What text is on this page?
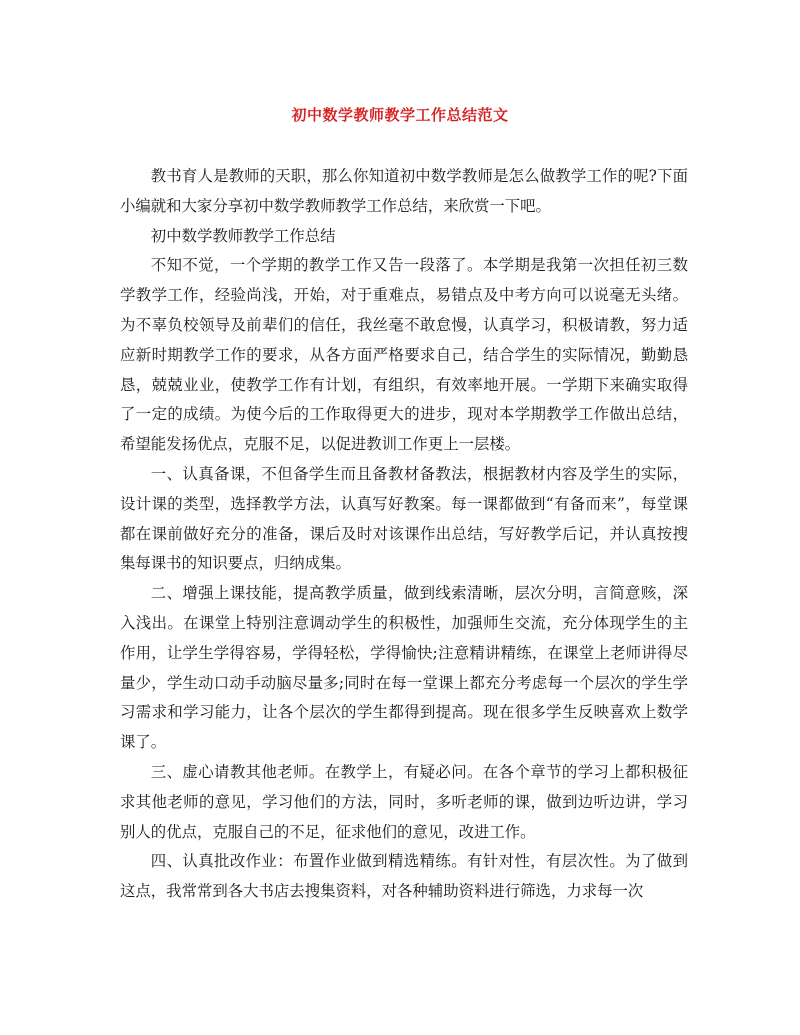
初中数学教师教学工作总结范文

教书育人是教师的天职，那么你知道初中数学教师是怎么做教学工作的呢?下面小编就和大家分享初中数学教师教学工作总结，来欣赏一下吧。

初中数学教师教学工作总结

不知不觉，一个学期的教学工作又告一段落了。本学期是我第一次担任初三数学教学工作，经验尚浅，开始，对于重难点，易错点及中考方向可以说毫无头绪。为不辜负校领导及前辈们的信任，我丝毫不敢怠慢，认真学习，积极请教，努力适应新时期教学工作的要求，从各方面严格要求自己，结合学生的实际情况，勤勤恳恳，兢兢业业，使教学工作有计划，有组织，有效率地开展。一学期下来确实取得了一定的成绩。为使今后的工作取得更大的进步，现对本学期教学工作做出总结，希望能发扬优点，克服不足，以促进教训工作更上一层楼。

一、认真备课，不但备学生而且备教材备教法，根据教材内容及学生的实际，设计课的类型，选择教学方法，认真写好教案。每一课都做到“有备而来”，每堂课都在课前做好充分的准备，课后及时对该课作出总结，写好教学后记，并认真按搜集每课书的知识要点，归纳成集。

二、增强上课技能，提高教学质量，做到线索清晰，层次分明，言简意赅，深入浅出。在课堂上特别注意调动学生的积极性，加强师生交流，充分体现学生的主作用，让学生学得容易，学得轻松，学得愉快;注意精讲精练，在课堂上老师讲得尽量少，学生动口动手动脑尽量多;同时在每一堂课上都充分考虑每一个层次的学生学习需求和学习能力，让各个层次的学生都得到提高。现在很多学生反映喜欢上数学课了。

三、虚心请教其他老师。在教学上，有疑必问。在各个章节的学习上都积极征求其他老师的意见，学习他们的方法，同时，多听老师的课，做到边听边讲，学习别人的优点，克服自己的不足，征求他们的意见，改进工作。

四、认真批改作业：布置作业做到精选精练。有针对性，有层次性。为了做到这点，我常常到各大书店去搜集资料，对各种辅助资料进行筛选，力求每一次
